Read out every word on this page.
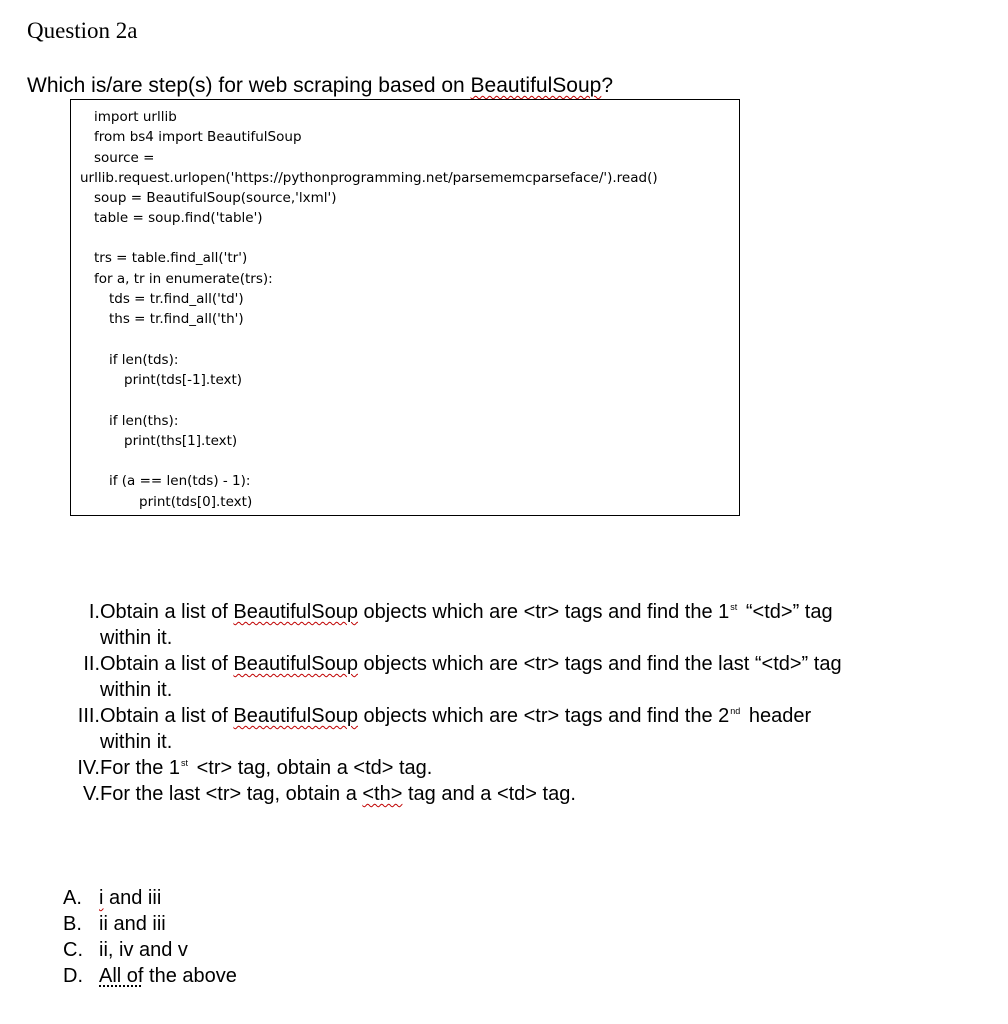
Question 2a
Which is/are step(s) for web scraping based on BeautifulSoup?
import urllib
from bs4 import BeautifulSoup
source =
urllib.request.urlopen('https://pythonprogramming.net/parsememcparseface/').read()
soup = BeautifulSoup(source,'lxml')
table = soup.find('table')
trs = table.find_all('tr')
for a, tr in enumerate(trs):
tds = tr.find_all('td')
ths = tr.find_all('th')
if len(tds):
print(tds[-1].text)
if len(ths):
print(ths[1].text)
if (a == len(tds) - 1):
print(tds[0].text)
I.Obtain a list of BeautifulSoup objects which are <tr> tags and find the 1st “<td>” tag
within it.
II.Obtain a list of BeautifulSoup objects which are <tr> tags and find the last “<td>” tag
within it.
III.Obtain a list of BeautifulSoup objects which are <tr> tags and find the 2nd header
within it.
IV.For the 1st <tr> tag, obtain a <td> tag.
V.For the last <tr> tag, obtain a <th> tag and a <td> tag.
A. i and iii
B. ii and iii
C. ii, iv and v
D. All of the above
